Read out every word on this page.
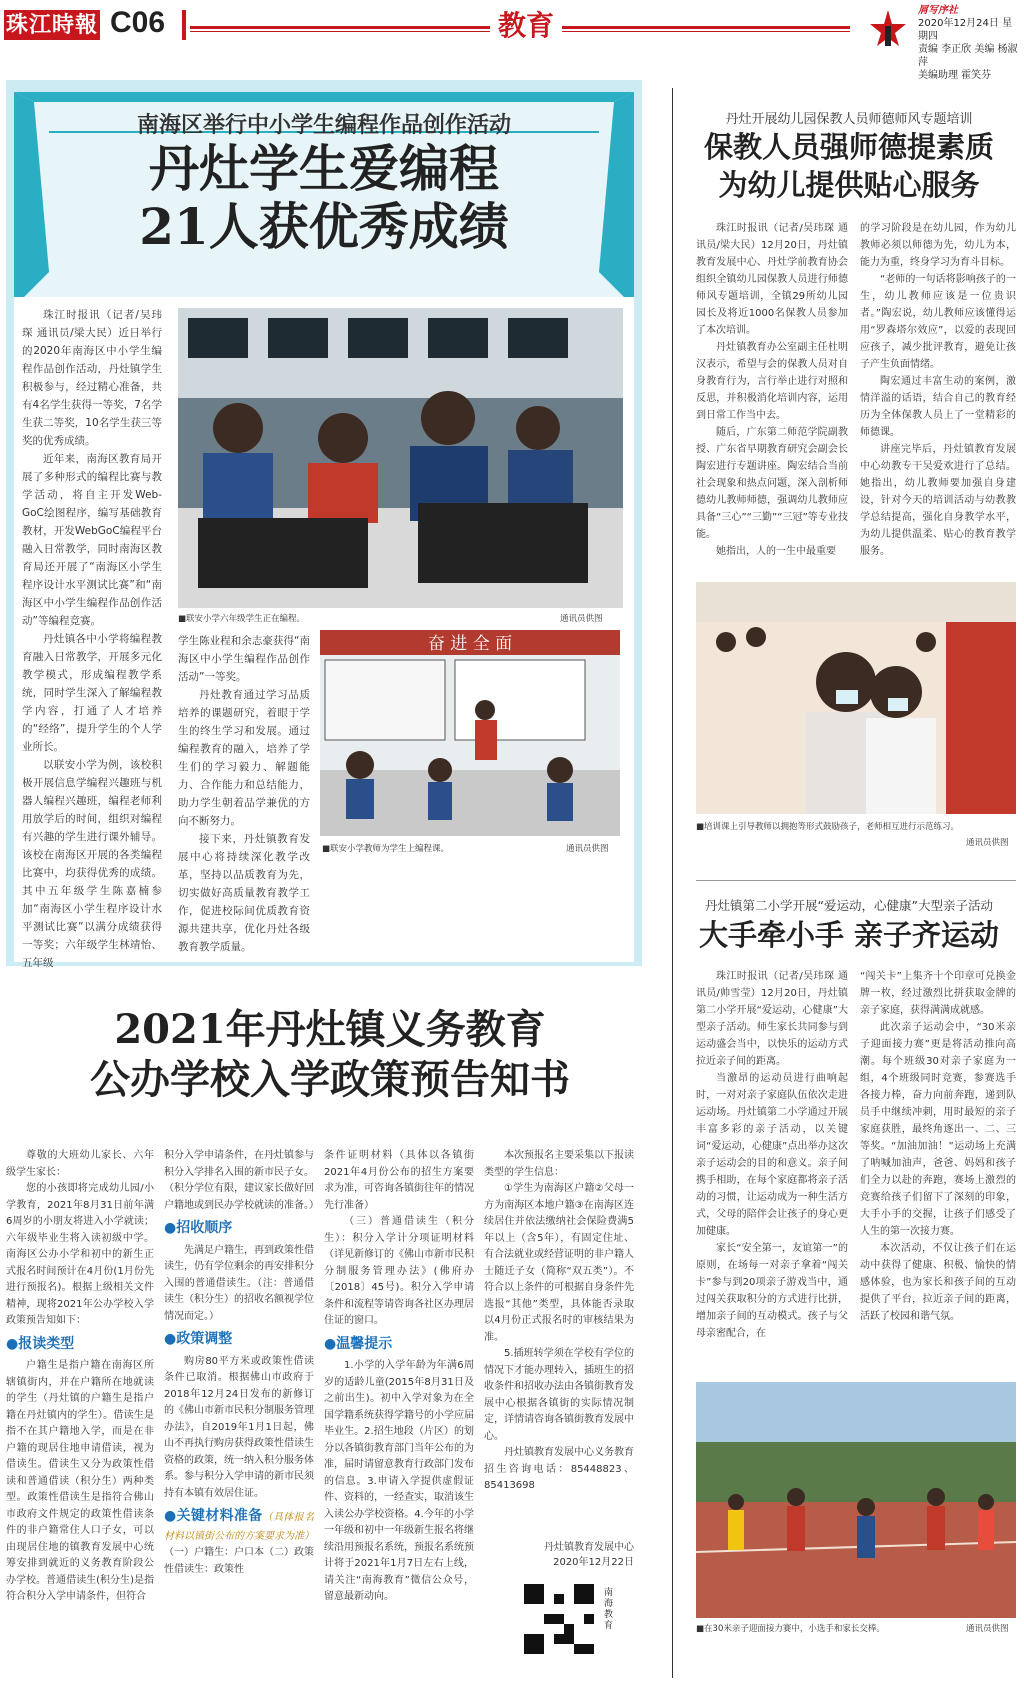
珠江時報 C06	教育	屑写序社
2020年12月24日 星期四
责编 李正欣 美编 杨淑萍
美编助理 霍笑芬
南海区举行中小学生编程作品创作活动
丹灶学生爱编程
21人获优秀成绩

珠江时报讯（记者/吴玮琛 通讯员/梁大民）近日举行的2020年南海区中小学生编程作品创作活动，丹灶镇学生积极参与，经过精心准备，共有4名学生获得一等奖，7名学生获二等奖，10名学生获三等奖的优秀成绩。

近年来，南海区教育局开展了多种形式的编程比赛与教学活动，将自主开发Web-GoC绘图程序，编写基础教育教材，开发WebGoC编程平台融入日常教学，同时南海区教育局还开展了“南海区小学生程序设计水平测试比赛”和“南海区中小学生编程作品创作活动”等编程竞赛。

丹灶镇各中小学将编程教育融入日常教学，开展多元化教学模式，形成编程教学系统，同时学生深入了解编程教学内容，打通了人才培养的“经络”，提升学生的个人学业所长。

以联安小学为例，该校积极开展信息学编程兴趣班与机器人编程兴趣班，编程老师利用放学后的时间，组织对编程有兴趣的学生进行课外辅导。该校在南海区开展的各类编程比赛中，均获得优秀的成绩。其中五年级学生陈嘉楠参加“南海区小学生程序设计水平测试比赛”以满分成绩获得一等奖；六年级学生林靖怡、五年级

■联安小学六年级学生正在编程。	通讯员供图

学生陈业程和余志豪获得“南海区中小学生编程作品创作活动”一等奖。

丹灶教育通过学习品质培养的课题研究，着眼于学生的终生学习和发展。通过编程教育的融入，培养了学生们的学习毅力、解题能力、合作能力和总结能力，助力学生朝着品学兼优的方向不断努力。

接下来，丹灶镇教育发展中心将持续深化教学改革，坚持以品质教育为先，切实做好高质量教育教学工作，促进校际间优质教育资源共建共享，优化丹灶各级教育教学质量。

奋 进 全 面
■联安小学教师为学生上编程课。	通讯员供图
2021年丹灶镇义务教育
公办学校入学政策预告知书

尊敬的大班幼儿家长、六年级学生家长：

您的小孩即将完成幼儿园/小学教育，2021年8月31日前年满6周岁的小朋友将进入小学就读；六年级毕业生将入读初级中学。南海区公办小学和初中的新生正式报名时间预计在4月份(1月份先进行预报名)。根据上级相关文件精神，现将2021年公办学校入学政策预告知如下：

●报读类型

户籍生是指户籍在南海区所辖镇街内，并在户籍所在地就读的学生（丹灶镇的户籍生是指户籍在丹灶镇内的学生）。借读生是指不在其户籍地入学，而是在非户籍的现居住地申请借读，视为借读生。借读生又分为政策性借读和普通借读（积分生）两种类型。政策性借读生是指符合佛山市政府文件规定的政策性借读条件的非户籍常住人口子女，可以由现居住地的镇教育发展中心统筹安排到就近的义务教育阶段公办学校。普通借读生(积分生)是指符合积分入学申请条件，但符合

积分入学申请条件，在丹灶镇参与积分入学排名入围的新市民子女。（积分学位有限，建议家长做好回户籍地或到民办学校就读的准备。）

●招收顺序

先满足户籍生，再到政策性借读生，仍有学位剩余的再安排积分入围的普通借读生。（注：普通借读生（积分生）的招收名额视学位情况而定。）

●政策调整

购房80平方米或政策性借读条件已取消。根据佛山市政府于2018年12月24日发布的新修订的《佛山市新市民积分制服务管理办法》，自2019年1月1日起，佛山不再执行购房获得政策性借读生资格的政策，统一纳入积分服务体系。参与积分入学申请的新市民须持有本镇有效居住证。

●关键材料准备（具体报名材料以镇街公布的方案要求为准）

（一）户籍生：户口本（二）政策性借读生：政策性

条件证明材料（具体以各镇街2021年4月份公布的招生方案要求为准，可咨询各镇街往年的情况先行准备）

（三）普通借读生（积分生）：积分入学计分项证明材料（详见新修订的《佛山市新市民积分制服务管理办法》(佛府办〔2018〕45号)。积分入学申请条件和流程等请咨询各社区办理居住证的窗口。

●温馨提示

1.小学的入学年龄为年满6周岁的适龄儿童(2015年8月31日及之前出生)。初中入学对象为在全国学籍系统获得学籍号的小学应届毕业生。2.招生地段（片区）的划分以各镇街教育部门当年公布的为准，届时请留意教育行政部门发布的信息。3.申请入学提供虚假证件、资料的，一经查实，取消该生入读公办学校资格。4.今年的小学一年级和初中一年级新生报名将继续沿用预报名系统，预报名系统预计将于2021年1月7日左右上线，请关注“南海教育”微信公众号，留意最新动向。

本次预报名主要采集以下报读类型的学生信息：

①学生为南海区户籍②父母一方为南海区本地户籍③在南海区连续居住并依法缴纳社会保险费满5年以上（含5年），有固定住址、有合法就业或经营证明的非户籍人士随迁子女（简称“双五类”）。不符合以上条件的可根据自身条件先选报“其他”类型，具体能否录取以4月份正式报名时的审核结果为准。

5.插班转学须在学校有学位的情况下才能办理转入，插班生的招收条件和招收办法由各镇街教育发展中心根据各镇街的实际情况制定，详情请咨询各镇街教育发展中心。

丹灶镇教育发展中心义务教育招生咨询电话：85448823、85413698

丹灶镇教育发展中心
2020年12月22日
南海教育
丹灶开展幼儿园保教人员师德师风专题培训
保教人员强师德提素质
为幼儿提供贴心服务

珠江时报讯（记者/吴玮琛 通讯员/梁大民）12月20日，丹灶镇教育发展中心、丹灶学前教育协会组织全镇幼儿园保教人员进行师德师风专题培训，全镇29所幼儿园园长及将近1000名保教人员参加了本次培训。

丹灶镇教育办公室副主任杜明汉表示，希望与会的保教人员对自身教育行为，言行举止进行对照和反思，并积极消化培训内容，运用到日常工作当中去。

随后，广东第二师范学院副教授、广东省早期教育研究会副会长陶宏进行专题讲座。陶宏结合当前社会现象和热点问题，深入剖析师德幼儿教师师德，强调幼儿教师应具备“三心”“三勤”“三冠”等专业技能。

她指出，人的一生中最重要

的学习阶段是在幼儿园，作为幼儿教师必须以师德为先，幼儿为本，能力为重，终身学习为育斗目标。

“老师的一句话将影响孩子的一生，幼儿教师应该是一位贵识者。”陶宏说，幼儿教师应该懂得运用“罗森塔尔效应”，以爱的表现回应孩子，减少批评教育，避免让孩子产生负面情绪。

陶宏通过丰富生动的案例，激情洋溢的话语，结合自己的教育经历为全体保教人员上了一堂精彩的师德课。

讲座完毕后，丹灶镇教育发展中心幼教专干吴爱欢进行了总结。她指出，幼儿教师要加强自身建设，针对今天的培训活动与幼教教学总结提高，强化自身教学水平，为幼儿提供温柔、贴心的教育教学服务。

■培训课上引导教师以拥抱等形式鼓励孩子，老师相互进行示范练习。
通讯员供图
丹灶镇第二小学开展“爱运动，心健康”大型亲子活动
大手牵小手 亲子齐运动

珠江时报讯（记者/吴玮琛 通讯员/帅雪莹）12月20日，丹灶镇第二小学开展“爱运动，心健康”大型亲子活动。师生家长共同参与到运动盛会当中，以快乐的运动方式拉近亲子间的距离。

当激昂的运动员进行曲响起时，一对对亲子家庭队伍依次走进运动场。丹灶镇第二小学通过开展丰富多彩的亲子活动，以关键词“爱运动，心健康”点出举办这次亲子运动会的目的和意义。亲子间携手相助，在每个家庭都将亲子活动的习惯，让运动成为一种生活方式，父母的陪伴会让孩子的身心更加健康。

家长“安全第一，友谊第一”的原则，在场每一对亲子拿着“闯关卡”参与到20项亲子游戏当中，通过闯关获取积分的方式进行比拼，增加亲子间的互动模式。孩子与父母亲密配合，在

“闯关卡”上集齐十个印章可兑换金牌一枚，经过激烈比拼获取金牌的亲子家庭，获得满满成就感。

此次亲子运动会中，“30米亲子迎面接力赛”更是将活动推向高潮。每个班级30对亲子家庭为一组，4个班级同时竞赛，参赛选手各接力棒，奋力向前奔跑，递到队员手中继续冲刺，用时最短的亲子家庭获胜，最终角逐出一、二、三等奖。“加油加油！”运动场上充满了呐喊加油声，爸爸、妈妈和孩子们全力以赴的奔跑，赛场上激烈的竞赛给孩子们留下了深刻的印象，大手小手的交握，让孩子们感受了人生的第一次接力赛。

本次活动，不仅让孩子们在运动中获得了健康、积极、愉快的情感体验，也为家长和孩子间的互动提供了平台，拉近亲子间的距离，活跃了校园和谐气氛。

■在30米亲子迎面接力赛中，小选手和家长交棒。	通讯员供图
